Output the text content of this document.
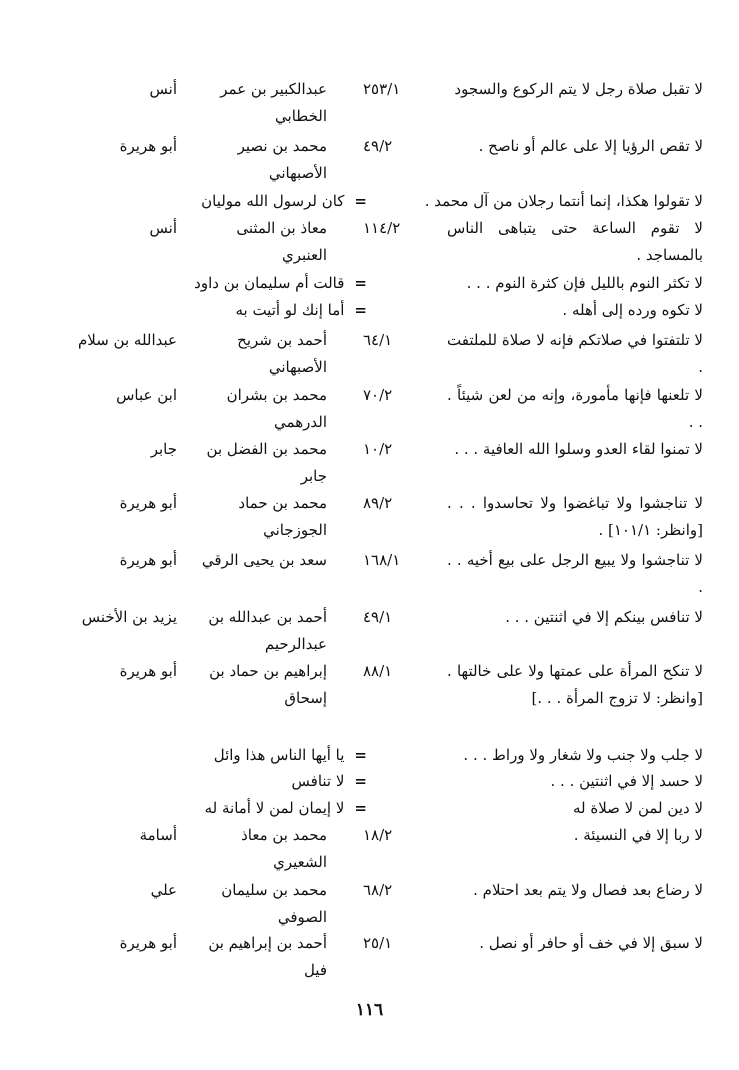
لا تقبل صلاة رجل لا يتم الركوع والسجود
٢٥٣/١
عبدالكبير بن عمر الخطابي
أنس
لا تقص الرؤيا إلا على عالم أو ناصح .
٤٩/٢
محمد بن نصير الأصبهاني
أبو هريرة
لا تقولوا هكذا، إنما أنتما رجلان من آل محمد .
=كان لرسول الله موليان
لا تقوم الساعة حتى يتباهى الناس بالمساجد .
١١٤/٢
معاذ بن المثنى العنبري
أنس
لا تكثر النوم بالليل فإن كثرة النوم . . .
=قالت أم سليمان بن داود
لا تكوه ورده إلى أهله .
=أما إنك لو أتيت به
لا تلتفتوا في صلاتكم فإنه لا صلاة للملتفت .
٦٤/١
أحمد بن شريح الأصبهاني
عبدالله بن سلام
لا تلعنها فإنها مأمورة، وإنه من لعن شيئاً . . .
٧٠/٢
محمد بن بشران الدرهمي
ابن عباس
لا تمنوا لقاء العدو وسلوا الله العافية . . .
١٠/٢
محمد بن الفضل بن جابر
جابر
لا تناجشوا ولا تباغضوا ولا تحاسدوا . . . [وانظر: ١٠١/١] .
٨٩/٢
محمد بن حماد الجوزجاني
أبو هريرة
لا تناجشوا ولا يبيع الرجل على بيع أخيه . . .
١٦٨/١
سعد بن يحيى الرقي
أبو هريرة
لا تنافس بينكم إلا في اثنتين . . .
٤٩/١
أحمد بن عبدالله بن عبدالرحيم
يزيد بن الأخنس
لا تنكح المرأة على عمتها ولا على خالتها . [وانظر: لا تزوج المرأة . . .]
٨٨/١
إبراهيم بن حماد بن إسحاق
أبو هريرة
لا جلب ولا جنب ولا شغار ولا وراط . . .
=يا أيها الناس هذا وائل
لا حسد إلا في اثنتين . . .
=لا تنافس
لا دين لمن لا صلاة له
=لا إيمان لمن لا أمانة له
لا ربا إلا في النسيئة .
١٨/٢
محمد بن معاذ الشعيري
أسامة
لا رضاع بعد فصال ولا يتم بعد احتلام .
٦٨/٢
محمد بن سليمان الصوفي
علي
لا سبق إلا في خف أو حافر أو نصل .
٢٥/١
أحمد بن إبراهيم بن فيل
أبو هريرة
١١٦
